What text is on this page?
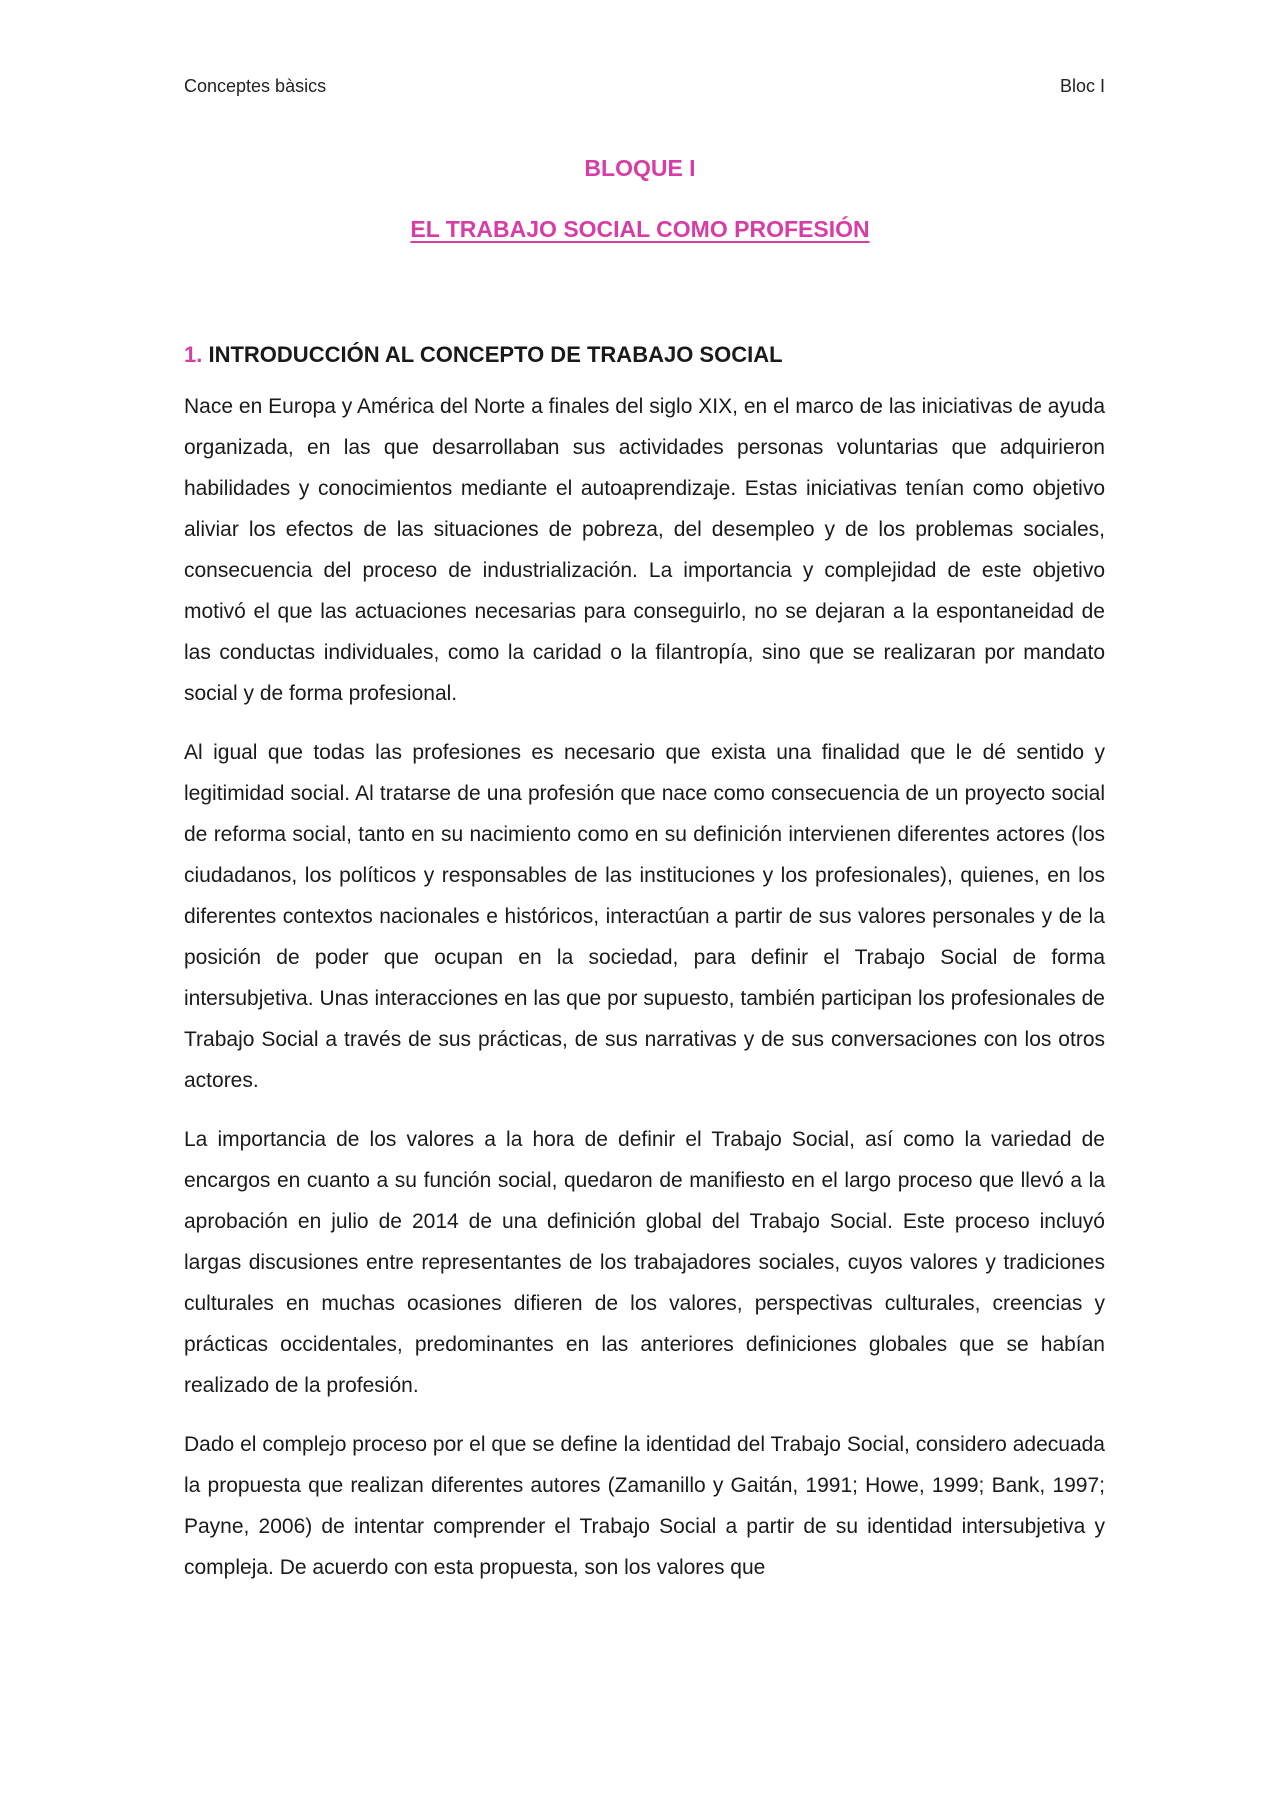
Conceptes bàsics	Bloc I
BLOQUE I
EL TRABAJO SOCIAL COMO PROFESIÓN
1. INTRODUCCIÓN AL CONCEPTO DE TRABAJO SOCIAL

Nace en Europa y América del Norte a finales del siglo XIX, en el marco de las iniciativas de ayuda organizada, en las que desarrollaban sus actividades personas voluntarias que adquirieron habilidades y conocimientos mediante el autoaprendizaje. Estas iniciativas tenían como objetivo aliviar los efectos de las situaciones de pobreza, del desempleo y de los problemas sociales, consecuencia del proceso de industrialización. La importancia y complejidad de este objetivo motivó el que las actuaciones necesarias para conseguirlo, no se dejaran a la espontaneidad de las conductas individuales, como la caridad o la filantropía, sino que se realizaran por mandato social y de forma profesional.

Al igual que todas las profesiones es necesario que exista una finalidad que le dé sentido y legitimidad social. Al tratarse de una profesión que nace como consecuencia de un proyecto social de reforma social, tanto en su nacimiento como en su definición intervienen diferentes actores (los ciudadanos, los políticos y responsables de las instituciones y los profesionales), quienes, en los diferentes contextos nacionales e históricos, interactúan a partir de sus valores personales y de la posición de poder que ocupan en la sociedad, para definir el Trabajo Social de forma intersubjetiva. Unas interacciones en las que por supuesto, también participan los profesionales de Trabajo Social a través de sus prácticas, de sus narrativas y de sus conversaciones con los otros actores.

La importancia de los valores a la hora de definir el Trabajo Social, así como la variedad de encargos en cuanto a su función social, quedaron de manifiesto en el largo proceso que llevó a la aprobación en julio de 2014 de una definición global del Trabajo Social. Este proceso incluyó largas discusiones entre representantes de los trabajadores sociales, cuyos valores y tradiciones culturales en muchas ocasiones difieren de los valores, perspectivas culturales, creencias y prácticas occidentales, predominantes en las anteriores definiciones globales que se habían realizado de la profesión.

Dado el complejo proceso por el que se define la identidad del Trabajo Social, considero adecuada la propuesta que realizan diferentes autores (Zamanillo y Gaitán, 1991; Howe, 1999; Bank, 1997; Payne, 2006) de intentar comprender el Trabajo Social a partir de su identidad intersubjetiva y compleja. De acuerdo con esta propuesta, son los valores que
